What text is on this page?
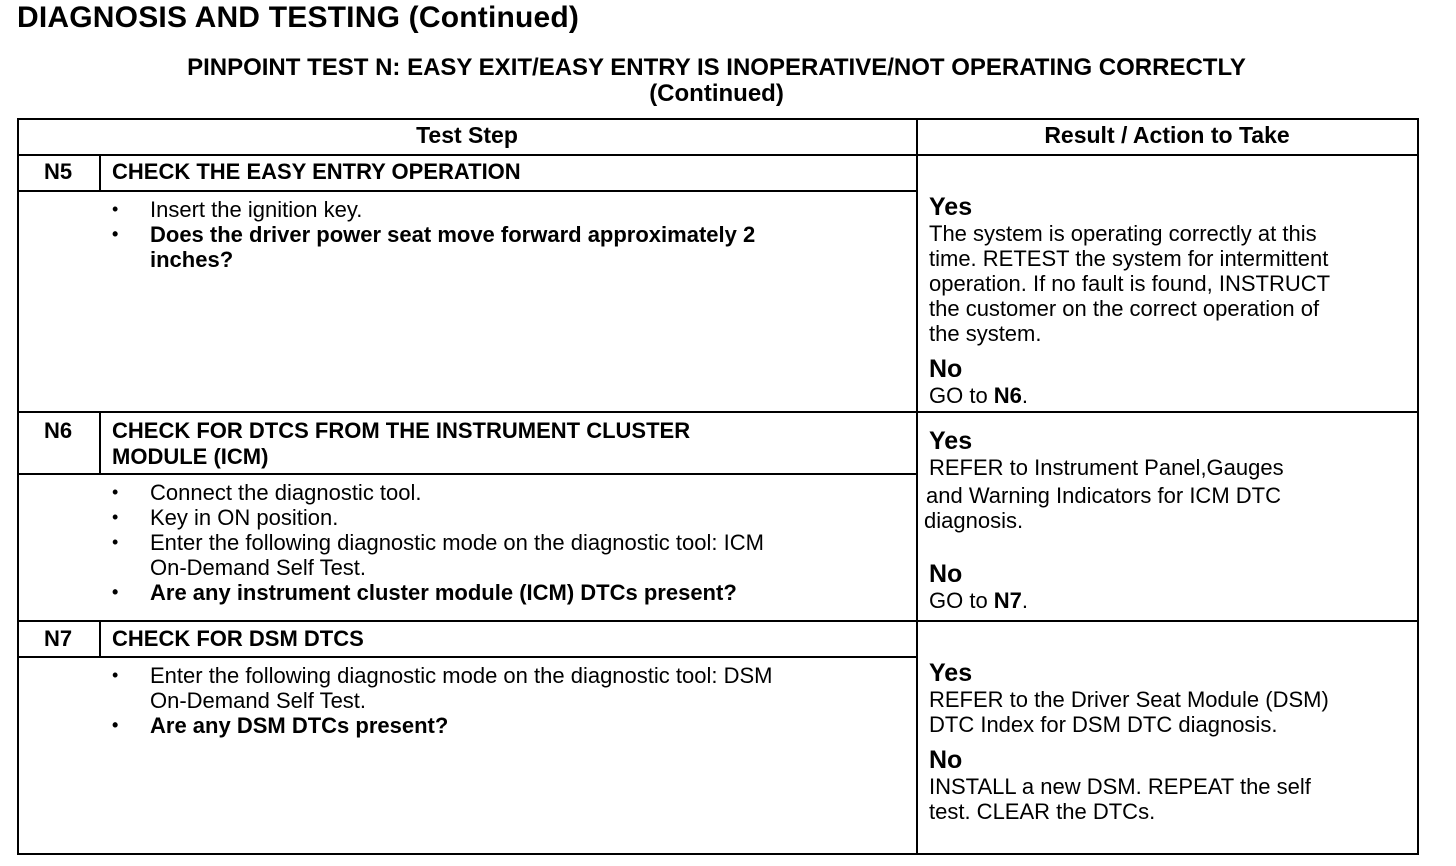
DIAGNOSIS AND TESTING (Continued)
PINPOINT TEST N: EASY EXIT/EASY ENTRY IS INOPERATIVE/NOT OPERATING CORRECTLY
(Continued)
Test Step	Result / Action to Take
N5	CHECK THE EASY ENTRY OPERATION
• Insert the ignition key.
• Does the driver power seat move forward approximately 2
inches?
Yes
The system is operating correctly at this
time. RETEST the system for intermittent
operation. If no fault is found, INSTRUCT
the customer on the correct operation of
the system.
No
GO to N6.
N6	CHECK FOR DTCS FROM THE INSTRUMENT CLUSTER
MODULE (ICM)
• Connect the diagnostic tool.
• Key in ON position.
• Enter the following diagnostic mode on the diagnostic tool: ICM
On-Demand Self Test.
• Are any instrument cluster module (ICM) DTCs present?
Yes
REFER to Instrument Panel,Gauges
and Warning Indicators for ICM DTC
diagnosis.
No
GO to N7.
N7	CHECK FOR DSM DTCS
• Enter the following diagnostic mode on the diagnostic tool: DSM
On-Demand Self Test.
• Are any DSM DTCs present?
Yes
REFER to the Driver Seat Module (DSM)
DTC Index for DSM DTC diagnosis.
No
INSTALL a new DSM. REPEAT the self
test. CLEAR the DTCs.
